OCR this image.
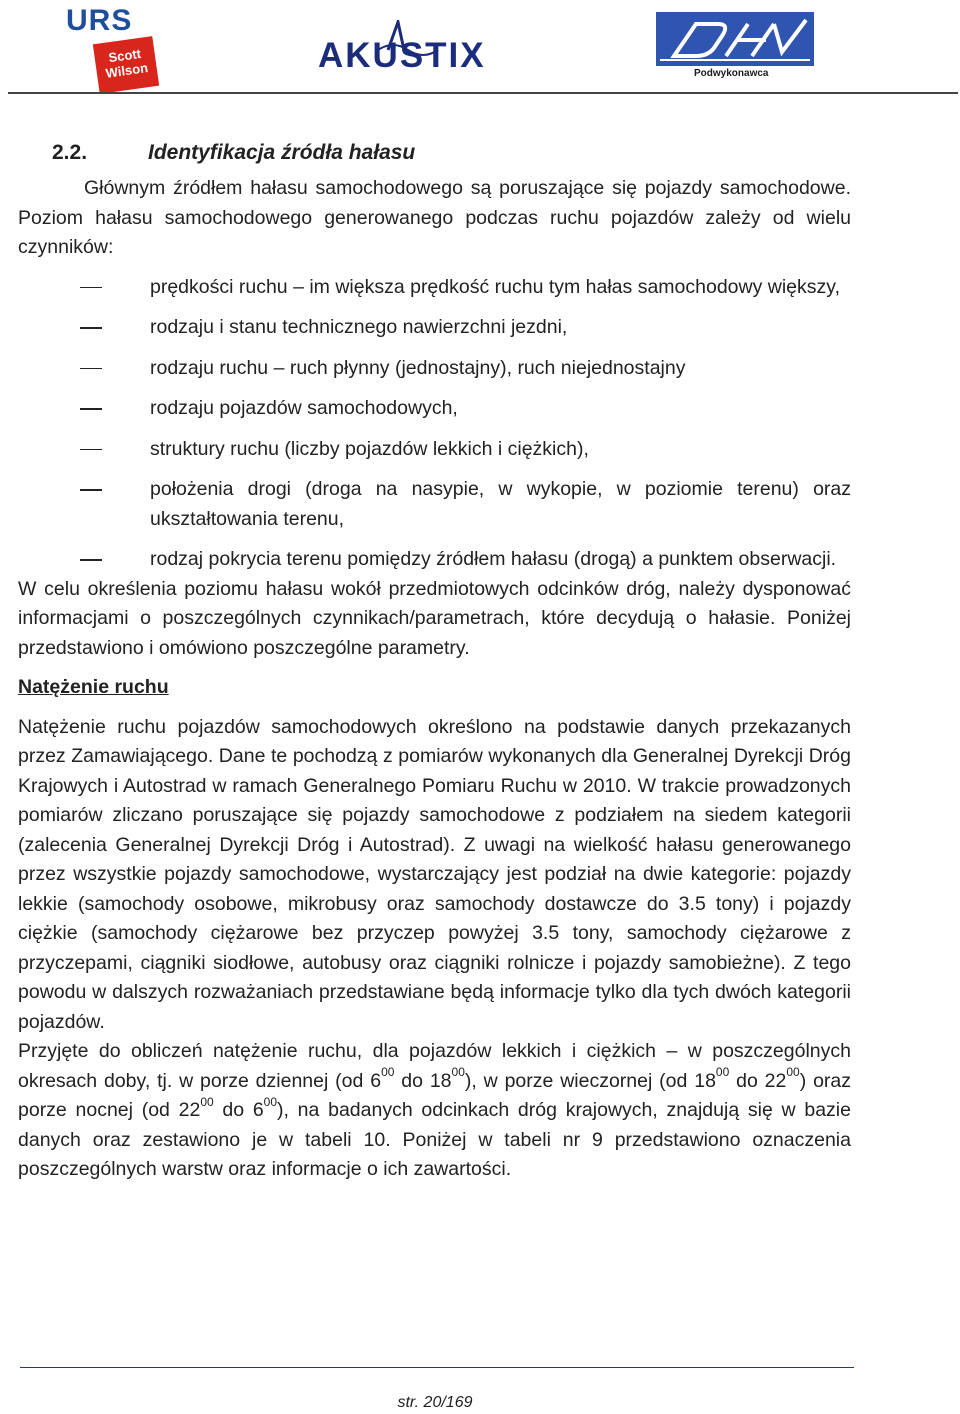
URS
Scott
Wilson	AKUSTIX	Podwykonawca
2.2.	Identyfikacja źródła hałasu

Głównym źródłem hałasu samochodowego są poruszające się pojazdy samochodowe. Poziom hałasu samochodowego generowanego podczas ruchu pojazdów zależy od wielu czynników:

prędkości ruchu – im większa prędkość ruchu tym hałas samochodowy większy,
rodzaju i stanu technicznego nawierzchni jezdni,
rodzaju ruchu – ruch płynny (jednostajny), ruch niejednostajny
rodzaju pojazdów samochodowych,
struktury ruchu (liczby pojazdów lekkich i ciężkich),
położenia drogi (droga na nasypie, w wykopie, w poziomie terenu) oraz ukształtowania terenu,
rodzaj pokrycia terenu pomiędzy źródłem hałasu (drogą) a punktem obserwacji.

W celu określenia poziomu hałasu wokół przedmiotowych odcinków dróg, należy dysponować informacjami o poszczególnych czynnikach/parametrach, które decydują o hałasie. Poniżej przedstawiono i omówiono poszczególne parametry.

Natężenie ruchu

Natężenie ruchu pojazdów samochodowych określono na podstawie danych przekazanych przez Zamawiającego. Dane te pochodzą z pomiarów wykonanych dla Generalnej Dyrekcji Dróg Krajowych i Autostrad w ramach Generalnego Pomiaru Ruchu w 2010. W trakcie prowadzonych pomiarów zliczano poruszające się pojazdy samochodowe z podziałem na siedem kategorii (zalecenia Generalnej Dyrekcji Dróg i Autostrad). Z uwagi na wielkość hałasu generowanego przez wszystkie pojazdy samochodowe, wystarczający jest podział na dwie kategorie: pojazdy lekkie (samochody osobowe, mikrobusy oraz samochody dostawcze do 3.5 tony) i pojazdy ciężkie (samochody ciężarowe bez przyczep powyżej 3.5 tony, samochody ciężarowe z przyczepami, ciągniki siodłowe, autobusy oraz ciągniki rolnicze i pojazdy samobieżne). Z tego powodu w dalszych rozważaniach przedstawiane będą informacje tylko dla tych dwóch kategorii pojazdów.

Przyjęte do obliczeń natężenie ruchu, dla pojazdów lekkich i ciężkich – w poszczególnych okresach doby, tj. w porze dziennej (od $6^{00}$ do $18^{00}$), w porze wieczornej (od $18^{00}$ do $22^{00}$) oraz porze nocnej (od $22^{00}$ do $6^{00}$), na badanych odcinkach dróg krajowych, znajdują się w bazie danych oraz zestawiono je w tabeli 10. Poniżej w tabeli nr 9 przedstawiono oznaczenia poszczególnych warstw oraz informacje o ich zawartości.

str. 20/169
